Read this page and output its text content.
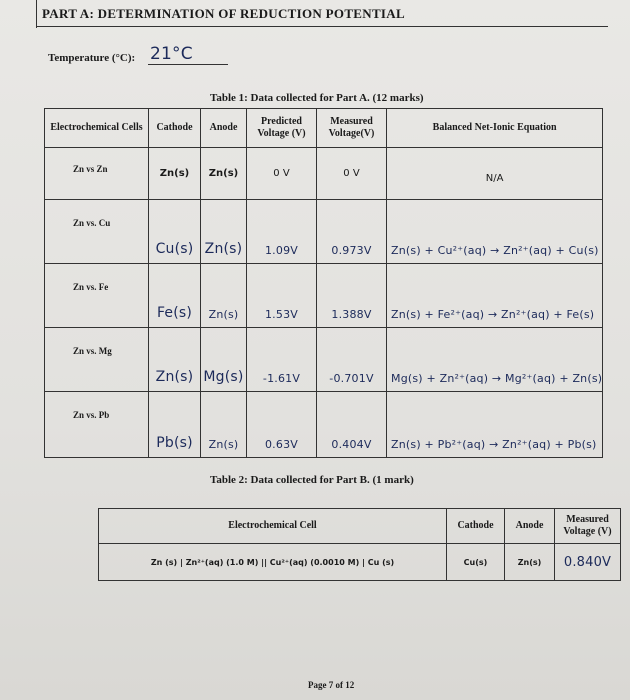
PART A: DETERMINATION OF REDUCTION POTENTIAL
Temperature (°C): 21°C
Table 1: Data collected for Part A. (12 marks)
Electrochemical Cells	Cathode	Anode	Predicted Voltage (V)	Measured Voltage(V)	Balanced Net-Ionic Equation
Zn vs Zn	Zn(s)	Zn(s)	0 V	0 V	N/A
Zn vs. Cu	Cu(s)	Zn(s)	1.09V	0.973V	Zn(s) + Cu²⁺(aq) → Zn²⁺(aq) + Cu(s)
Zn vs. Fe	Fe(s)	Zn(s)	1.53V	1.388V	Zn(s) + Fe²⁺(aq) → Zn²⁺(aq) + Fe(s)
Zn vs. Mg	Zn(s)	Mg(s)	-1.61V	-0.701V	Mg(s) + Zn²⁺(aq) → Mg²⁺(aq) + Zn(s)
Zn vs. Pb	Pb(s)	Zn(s)	0.63V	0.404V	Zn(s) + Pb²⁺(aq) → Zn²⁺(aq) + Pb(s)
Table 2: Data collected for Part B. (1 mark)
Electrochemical Cell	Cathode	Anode	Measured Voltage (V)
Zn (s) | Zn²⁺(aq) (1.0 M) || Cu²⁺(aq) (0.0010 M) | Cu (s)	Cu(s)	Zn(s)	0.840V
Page 7 of 12
